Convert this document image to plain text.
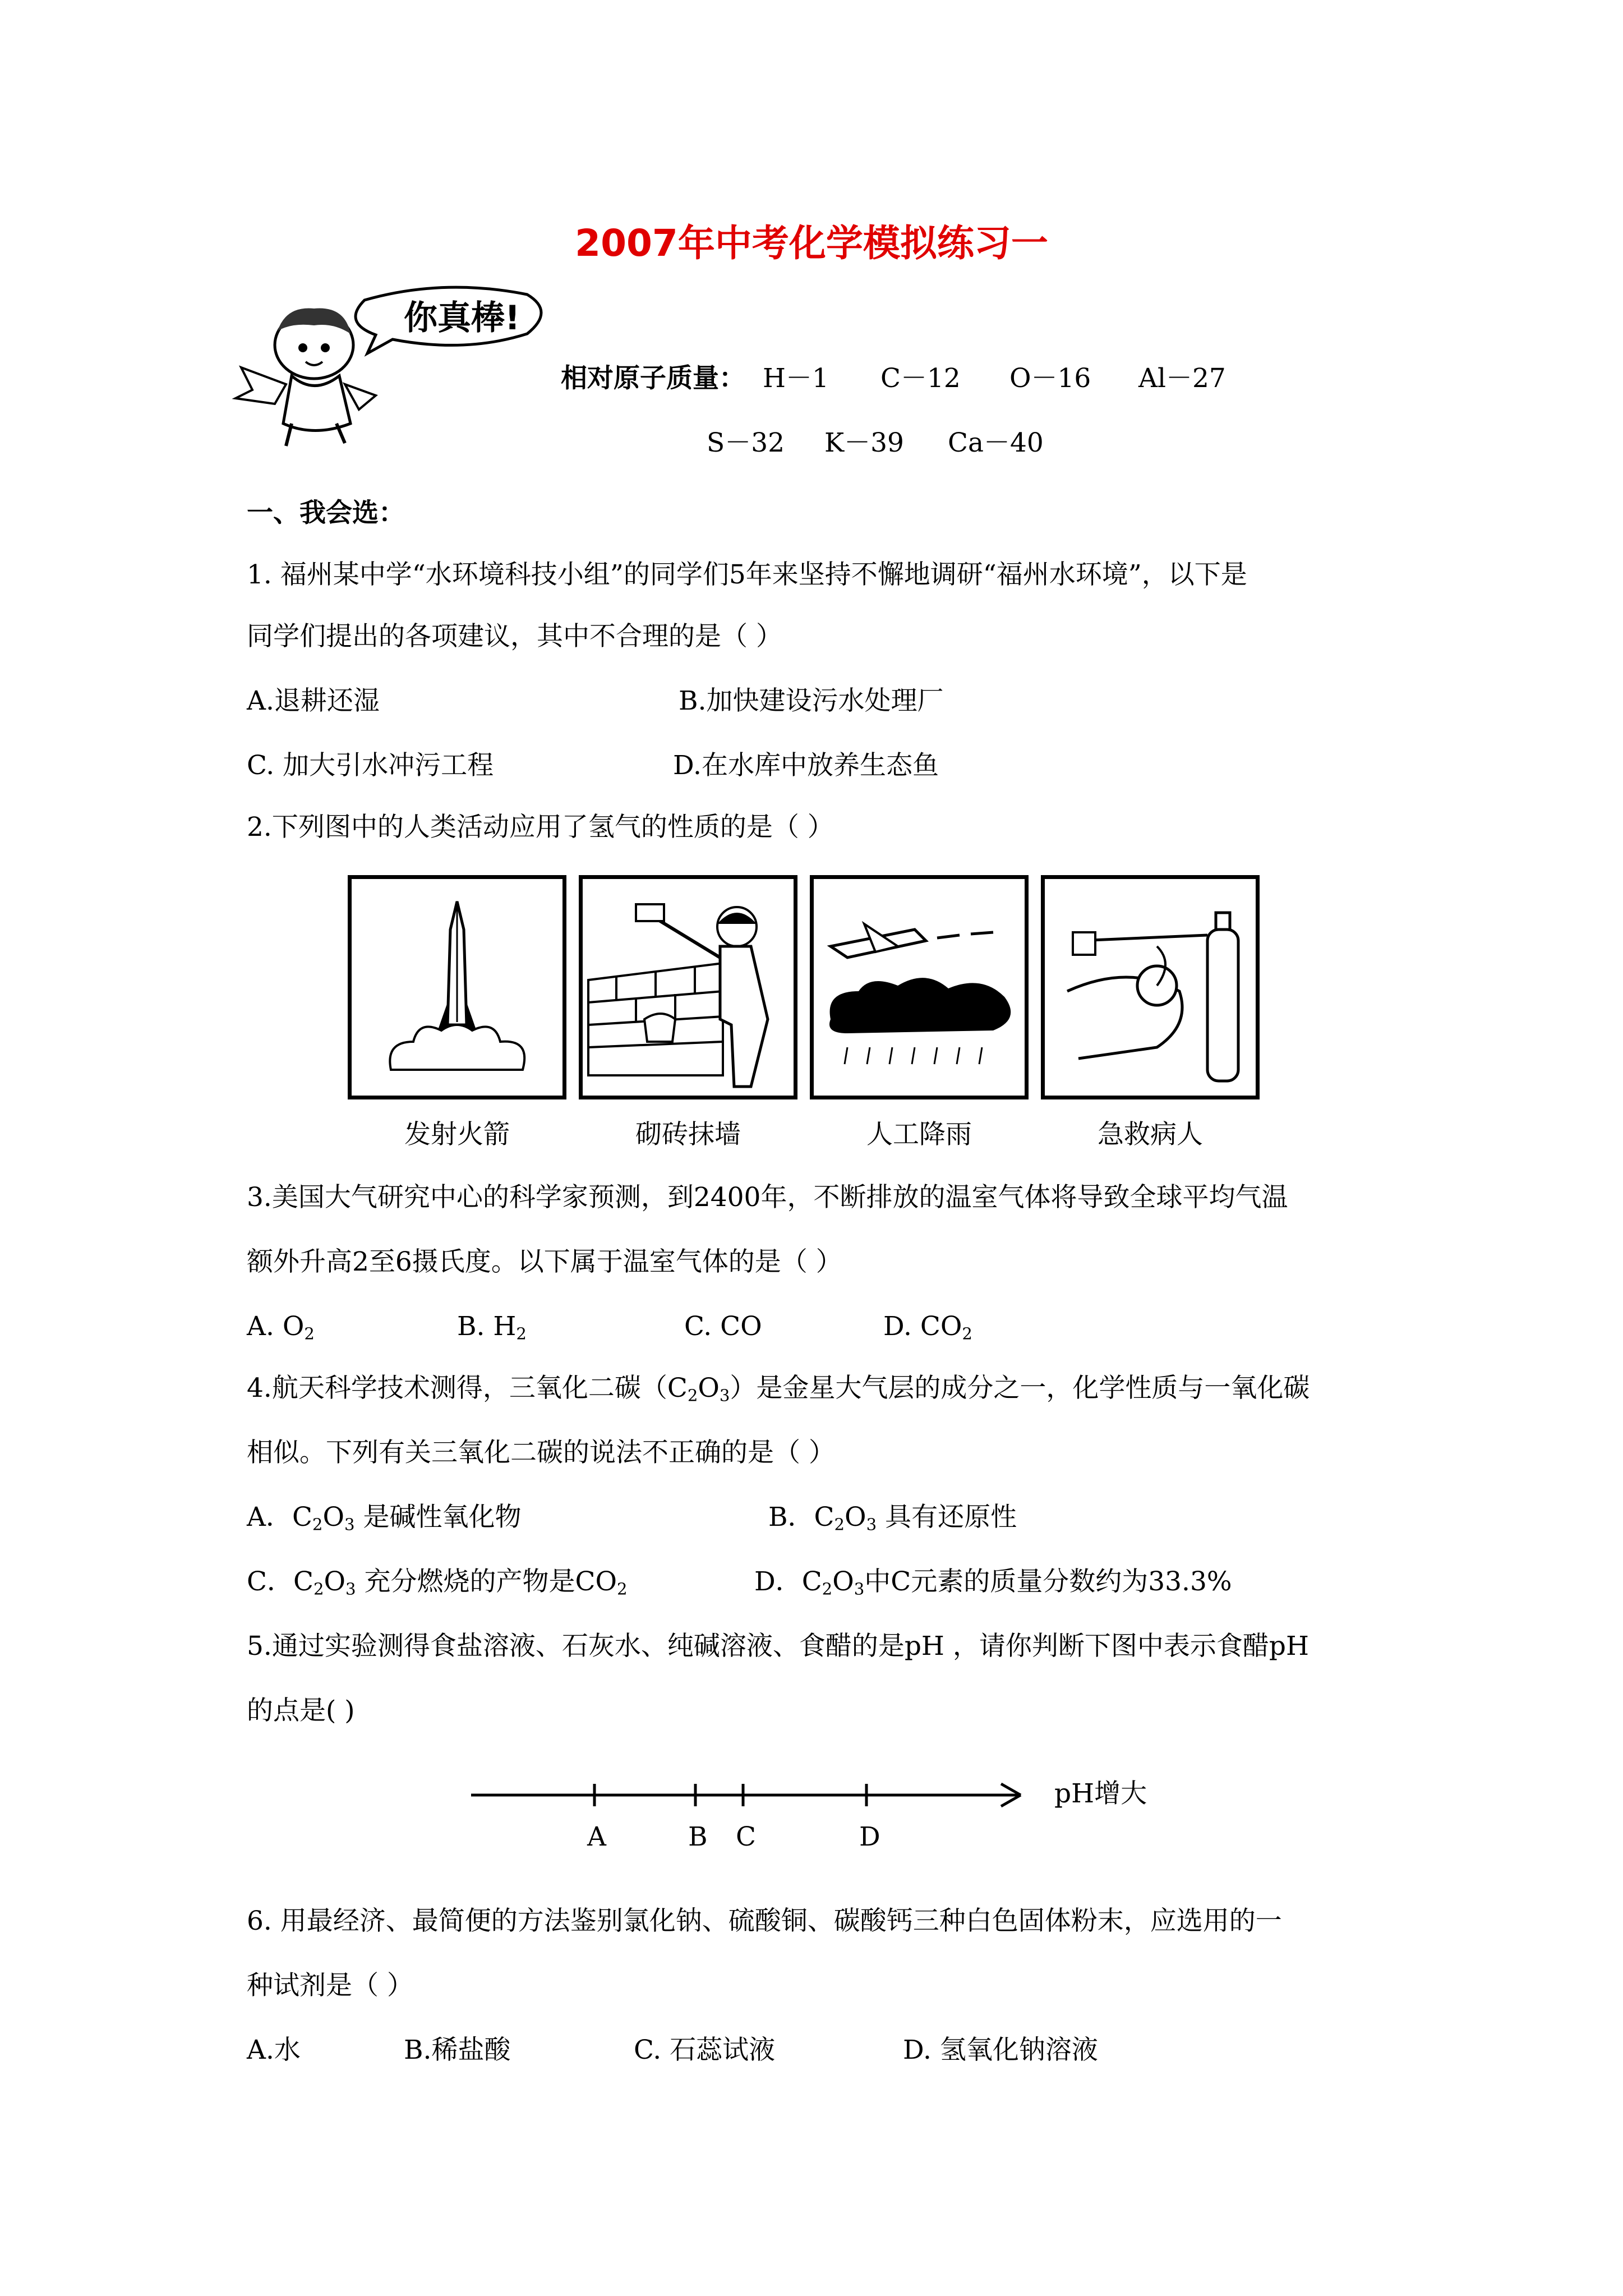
2007年中考化学模拟练习一
你真棒!
相对原子质量： H－1 C－12 O－16 Al－27
S－32 K－39 Ca－40
一、我会选：
1. 福州某中学“水环境科技小组”的同学们5年来坚持不懈地调研“福州水环境”，以下是
同学们提出的各项建议，其中不合理的是（ ）
A.退耕还湿	B.加快建设污水处理厂
C. 加大引水冲污工程	D.在水库中放养生态鱼
2.下列图中的人类活动应用了氢气的性质的是（ ）
发射火箭	砌砖抹墙	人工降雨	急救病人
3.美国大气研究中心的科学家预测，到2400年，不断排放的温室气体将导致全球平均气温
额外升高2至6摄氏度。以下属于温室气体的是（ ）
A. $O_2$	B. $H_2$	C. CO	D. $CO_2$
4.航天科学技术测得，三氧化二碳$(C_2O_3)$是金星大气层的成分之一，化学性质与一氧化碳
相似。下列有关三氧化二碳的说法不正确的是（ ）
A．$C_2O_3$ 是碱性氧化物	B．$C_2O_3$ 具有还原性
C．$C_2O_3$ 充分燃烧的产物是$CO_2$	D．$C_2O_3$中C元素的质量分数约为33.3%
5.通过实验测得食盐溶液、石灰水、纯碱溶液、食醋的是pH ，请你判断下图中表示食醋pH
的点是( )
pH增大
A	B C	D
6. 用最经济、最简便的方法鉴别氯化钠、硫酸铜、碳酸钙三种白色固体粉末，应选用的一
种试剂是（ ）
A.水	B.稀盐酸	C. 石蕊试液	D. 氢氧化钠溶液
